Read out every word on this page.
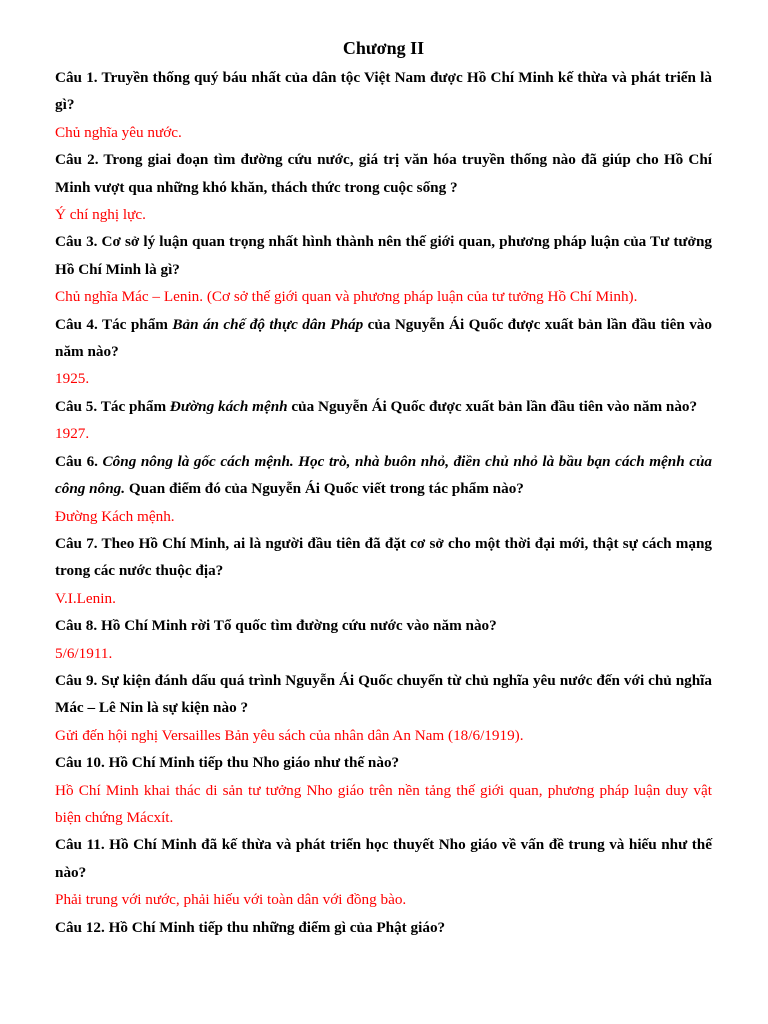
Chương II

Câu 1. Truyền thống quý báu nhất của dân tộc Việt Nam được Hồ Chí Minh kế thừa và phát triển là gì?

Chủ nghĩa yêu nước.

Câu 2. Trong giai đoạn tìm đường cứu nước, giá trị văn hóa truyền thống nào đã giúp cho Hồ Chí Minh vượt qua những khó khăn, thách thức trong cuộc sống ?

Ý chí nghị lực.

Câu 3. Cơ sở lý luận quan trọng nhất hình thành nên thế giới quan, phương pháp luận của Tư tưởng Hồ Chí Minh là gì?

Chủ nghĩa Mác – Lenin. (Cơ sở thế giới quan và phương pháp luận của tư tưởng Hồ Chí Minh).

Câu 4. Tác phẩm Bản án chế độ thực dân Pháp của Nguyễn Ái Quốc được xuất bản lần đầu tiên vào năm nào?

1925.

Câu 5. Tác phẩm Đường kách mệnh của Nguyễn Ái Quốc được xuất bản lần đầu tiên vào năm nào?

1927.

Câu 6. Công nông là gốc cách mệnh. Học trò, nhà buôn nhỏ, điền chủ nhỏ là bầu bạn cách mệnh của công nông. Quan điểm đó của Nguyễn Ái Quốc viết trong tác phẩm nào?

Đường Kách mệnh.

Câu 7. Theo Hồ Chí Minh, ai là người đầu tiên đã đặt cơ sở cho một thời đại mới, thật sự cách mạng trong các nước thuộc địa?

V.I.Lenin.

Câu 8. Hồ Chí Minh rời Tổ quốc tìm đường cứu nước vào năm nào?

5/6/1911.

Câu 9. Sự kiện đánh dấu quá trình Nguyễn Ái Quốc chuyển từ chủ nghĩa yêu nước đến với chủ nghĩa Mác – Lê Nin là sự kiện nào ?

Gửi đến hội nghị Versailles Bản yêu sách của nhân dân An Nam (18/6/1919).

Câu 10. Hồ Chí Minh tiếp thu Nho giáo như thế nào?

Hồ Chí Minh khai thác di sản tư tưởng Nho giáo trên nền tảng thế giới quan, phương pháp luận duy vật biện chứng Mácxít.

Câu 11. Hồ Chí Minh đã kế thừa và phát triển học thuyết Nho giáo về vấn đề trung và hiếu như thế nào?

Phải trung với nước, phải hiếu với toàn dân với đồng bào.

Câu 12. Hồ Chí Minh tiếp thu những điểm gì của Phật giáo?
